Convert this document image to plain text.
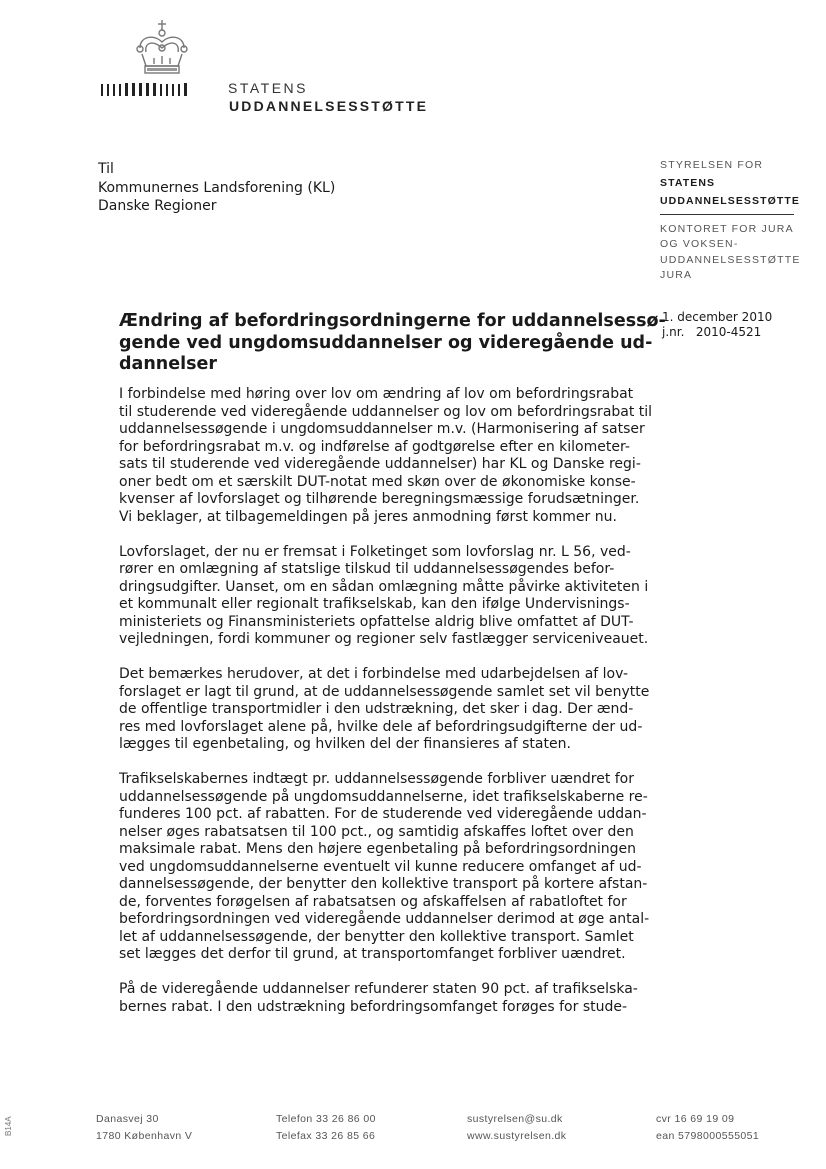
STATENS
UDDANNELSESSTØTTE
Til
Kommunernes Landsforening (KL)
Danske Regioner
STYRELSEN FOR
STATENS
UDDANNELSESSTØTTE
KONTORET FOR JURA
OG VOKSEN-
UDDANNELSESSTØTTE
JURA
1. december 2010
j.nr.   2010-4521
Ændring af befordringsordningerne for uddannelsessø-
gende ved ungdomsuddannelser og videregående ud-
dannelser
I forbindelse med høring over lov om ændring af lov om befordringsrabat
til studerende ved videregående uddannelser og lov om befordringsrabat til
uddannelsessøgende i ungdomsuddannelser m.v. (Harmonisering af satser
for befordringsrabat m.v. og indførelse af godtgørelse efter en kilometer-
sats til studerende ved videregående uddannelser) har KL og Danske regi-
oner bedt om et særskilt DUT-notat med skøn over de økonomiske konse-
kvenser af lovforslaget og tilhørende beregningsmæssige forudsætninger.
Vi beklager, at tilbagemeldingen på jeres anmodning først kommer nu.
Lovforslaget, der nu er fremsat i Folketinget som lovforslag nr. L 56, ved-
rører en omlægning af statslige tilskud til uddannelsessøgendes befor-
dringsudgifter. Uanset, om en sådan omlægning måtte påvirke aktiviteten i
et kommunalt eller regionalt trafikselskab, kan den ifølge Undervisnings-
ministeriets og Finansministeriets opfattelse aldrig blive omfattet af DUT-
vejledningen, fordi kommuner og regioner selv fastlægger serviceniveauet.
Det bemærkes herudover, at det i forbindelse med udarbejdelsen af lov-
forslaget er lagt til grund, at de uddannelsessøgende samlet set vil benytte
de offentlige transportmidler i den udstrækning, det sker i dag. Der ænd-
res med lovforslaget alene på, hvilke dele af befordringsudgifterne der ud-
lægges til egenbetaling, og hvilken del der finansieres af staten.
Trafikselskabernes indtægt pr. uddannelsessøgende forbliver uændret for
uddannelsessøgende på ungdomsuddannelserne, idet trafikselskaberne re-
funderes 100 pct. af rabatten. For de studerende ved videregående uddan-
nelser øges rabatsatsen til 100 pct., og samtidig afskaffes loftet over den
maksimale rabat. Mens den højere egenbetaling på befordringsordningen
ved ungdomsuddannelserne eventuelt vil kunne reducere omfanget af ud-
dannelsessøgende, der benytter den kollektive transport på kortere afstan-
de, forventes forøgelsen af rabatsatsen og afskaffelsen af rabatloftet for
befordringsordningen ved videregående uddannelser derimod at øge antal-
let af uddannelsessøgende, der benytter den kollektive transport. Samlet
set lægges det derfor til grund, at transportomfanget forbliver uændret.
På de videregående uddannelser refunderer staten 90 pct. af trafikselska-
bernes rabat. I den udstrækning befordringsomfanget forøges for stude-
Danasvej 30
1780 København V
Telefon 33 26 86 00
Telefax 33 26 85 66
sustyrelsen@su.dk
www.sustyrelsen.dk
cvr 16 69 19 09
ean 5798000555051
B14A
